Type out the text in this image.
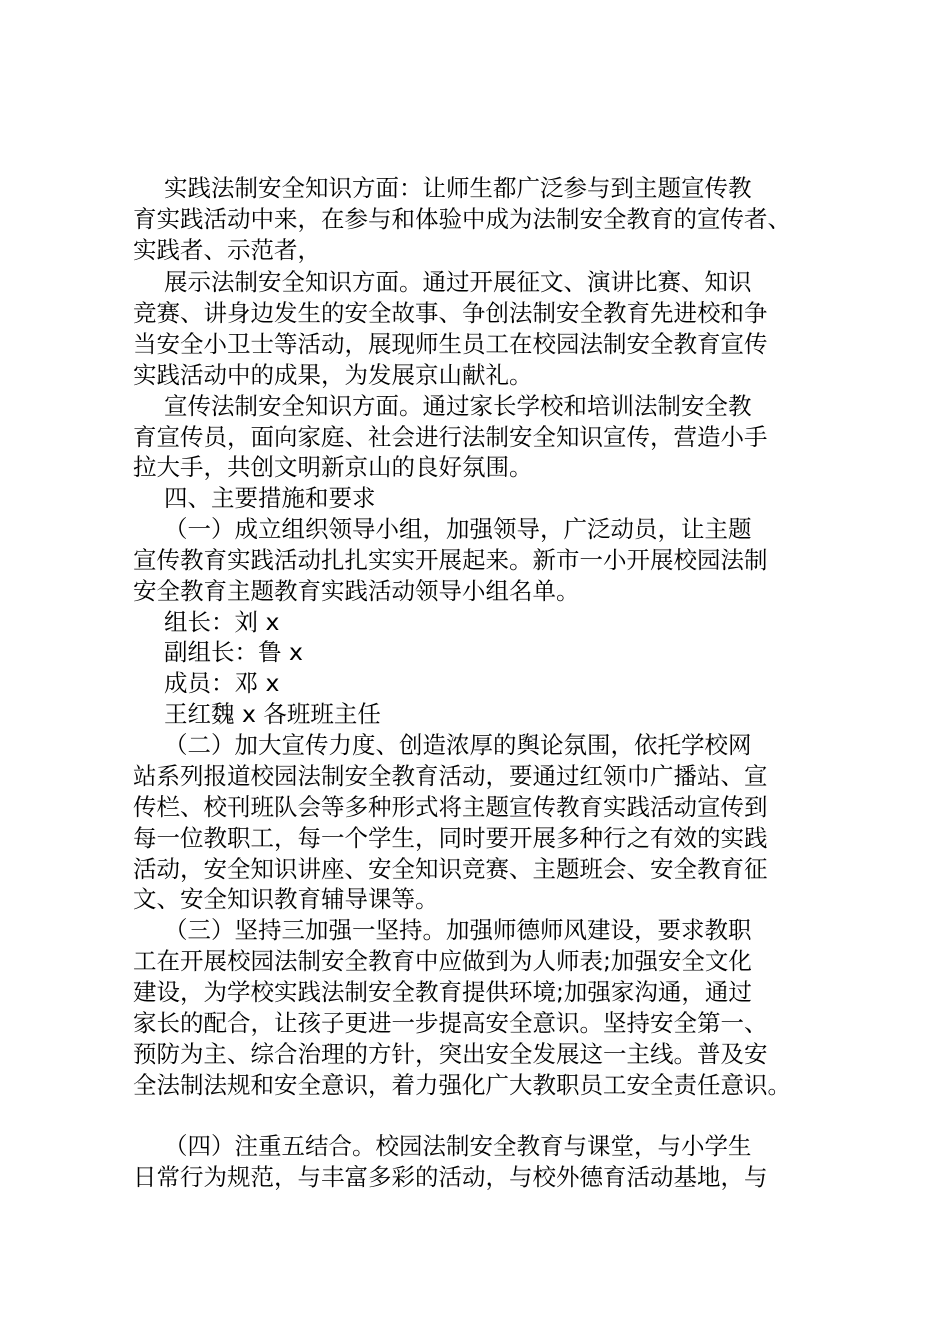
实践法制安全知识方面：让师生都广泛参与到主题宣传教
育实践活动中来，在参与和体验中成为法制安全教育的宣传者、
实践者、示范者，
展示法制安全知识方面。通过开展征文、演讲比赛、知识
竞赛、讲身边发生的安全故事、争创法制安全教育先进校和争
当安全小卫士等活动，展现师生员工在校园法制安全教育宣传
实践活动中的成果，为发展京山献礼。
宣传法制安全知识方面。通过家长学校和培训法制安全教
育宣传员，面向家庭、社会进行法制安全知识宣传，营造小手
拉大手，共创文明新京山的良好氛围。
四、主要措施和要求
（一）成立组织领导小组，加强领导，广泛动员，让主题
宣传教育实践活动扎扎实实开展起来。新市一小开展校园法制
安全教育主题教育实践活动领导小组名单。
组长：刘 x
副组长：鲁 x
成员：邓 x
王红魏 x 各班班主任
（二）加大宣传力度、创造浓厚的舆论氛围，依托学校网
站系列报道校园法制安全教育活动，要通过红领巾广播站、宣
传栏、校刊班队会等多种形式将主题宣传教育实践活动宣传到
每一位教职工，每一个学生，同时要开展多种行之有效的实践
活动，安全知识讲座、安全知识竞赛、主题班会、安全教育征
文、安全知识教育辅导课等。
（三）坚持三加强一坚持。加强师德师风建设，要求教职
工在开展校园法制安全教育中应做到为人师表;加强安全文化
建设，为学校实践法制安全教育提供环境;加强家沟通，通过
家长的配合，让孩子更进一步提高安全意识。坚持安全第一、
预防为主、综合治理的方针，突出安全发展这一主线。普及安
全法制法规和安全意识，着力强化广大教职员工安全责任意识。
（四）注重五结合。校园法制安全教育与课堂，与小学生
日常行为规范，与丰富多彩的活动，与校外德育活动基地，与
